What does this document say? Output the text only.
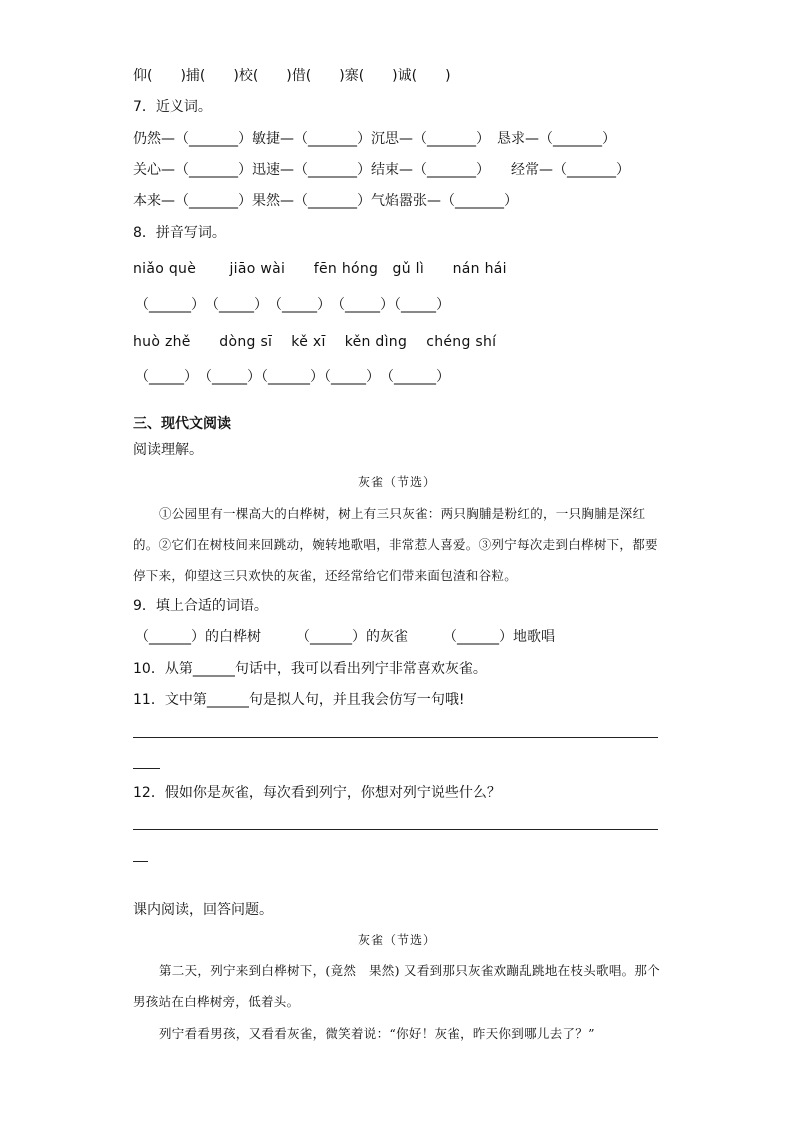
仰(　　)捕(　　)校(　　)借(　　)寨(　　)诚(　　)
7．近义词。
仍然—（_______）敏捷—（_______）沉思—（_______）　恳求—（_______）
关心—（_______）迅速—（_______）结束—（_______）　　经常—（_______）
本来—（_______）果然—（_______）气焰嚣张—（_______）
8．拼音写词。
niǎo què　　 jiāo wài　　fēn hóng　gǔ lì　　nán hái
（______）　（_____）　（_____）　（_____）（_____）
huò zhě　　dòng sī　 kě xī　 kěn dìng　 chéng shí
（_____）　（_____）（______）（_____）　（______）
三、现代文阅读
阅读理解。
灰雀（节选）
①公园里有一棵高大的白桦树，树上有三只灰雀：两只胸脯是粉红的，一只胸脯是深红的。②它们在树枝间来回跳动，婉转地歌唱，非常惹人喜爱。③列宁每次走到白桦树下，都要停下来，仰望这三只欢快的灰雀，还经常给它们带来面包渣和谷粒。
9．填上合适的词语。
（______）的白桦树　　　（______）的灰雀　　　（______）地歌唱
10．从第______句话中，我可以看出列宁非常喜欢灰雀。
11．文中第______句是拟人句，并且我会仿写一句哦!
12．假如你是灰雀，每次看到列宁，你想对列宁说些什么？
课内阅读，回答问题。
灰雀（节选）
第二天，列宁来到白桦树下，(竟然　果然) 又看到那只灰雀欢蹦乱跳地在枝头歌唱。那个男孩站在白桦树旁，低着头。
列宁看看男孩，又看看灰雀，微笑着说：“你好！灰雀，昨天你到哪儿去了？”
